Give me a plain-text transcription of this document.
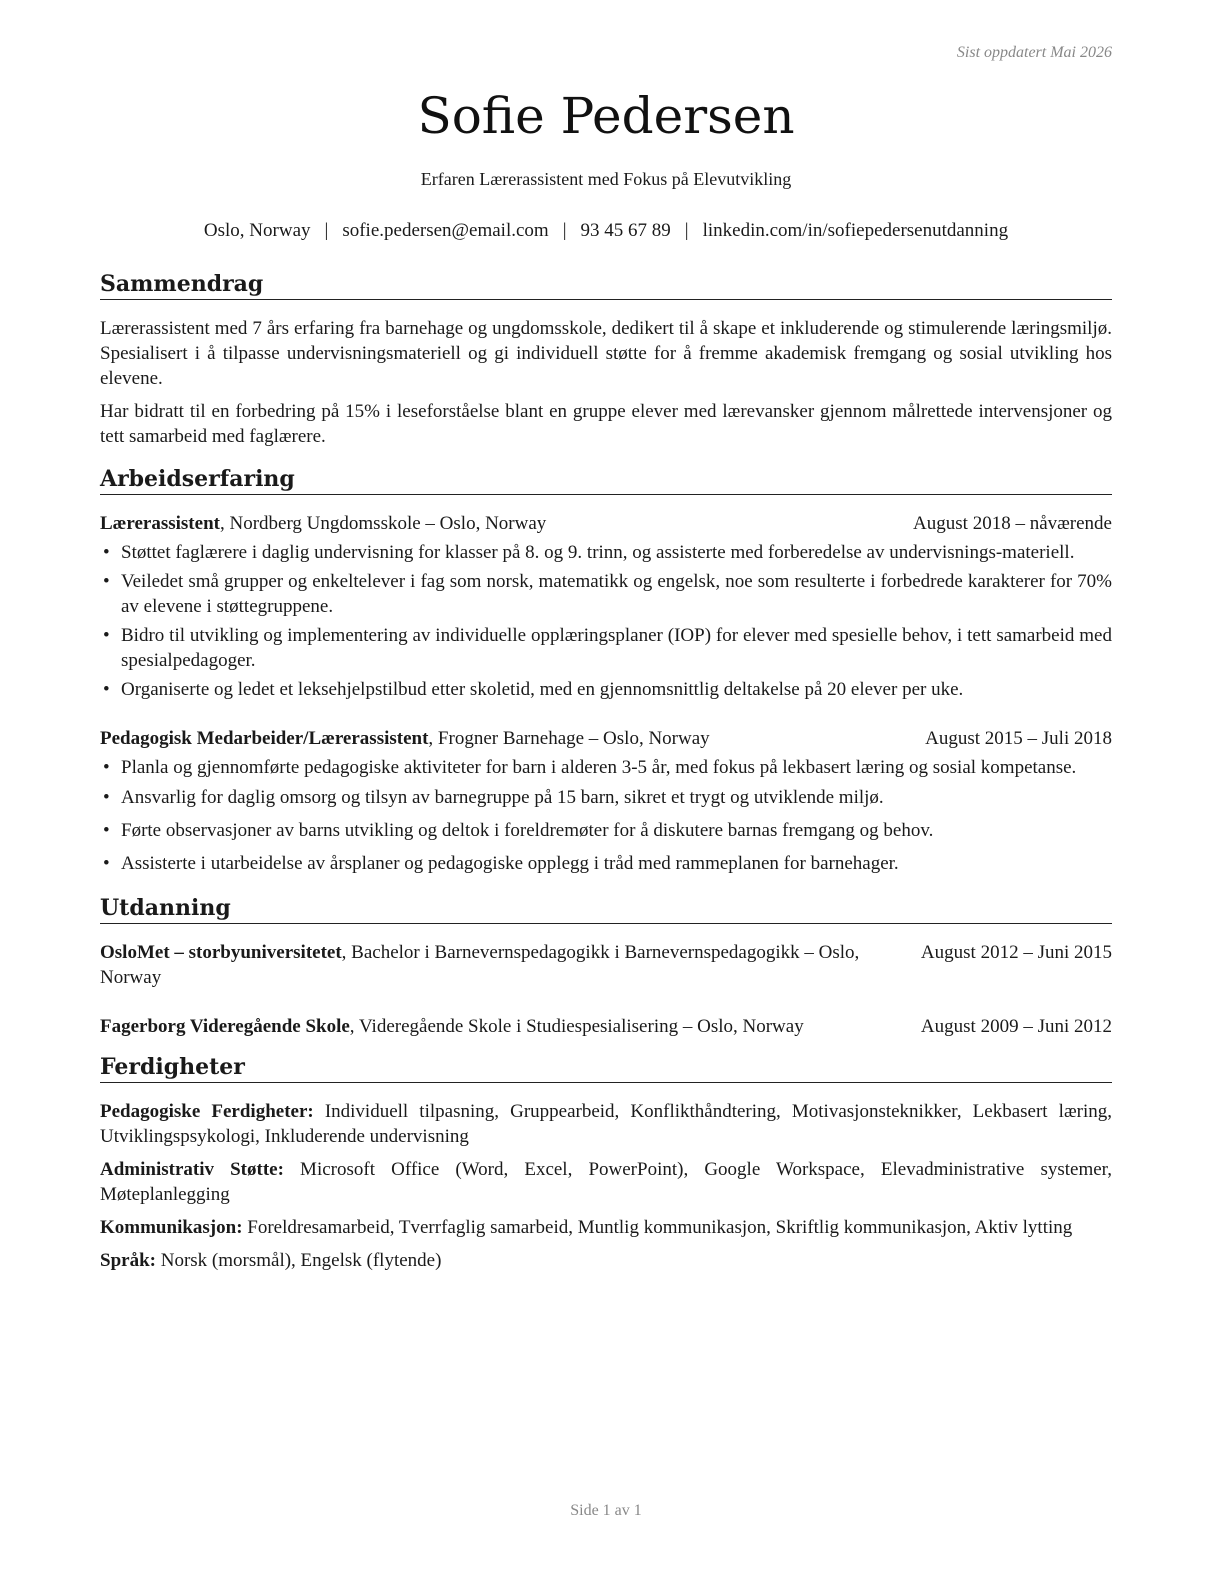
Sist oppdatert Mai 2026
Sofie Pedersen
Erfaren Lærerassistent med Fokus på Elevutvikling
Oslo, Norway | sofie.pedersen@email.com | 93 45 67 89 | linkedin.com/in/sofiepedersenutdanning
Sammendrag

Lærerassistent med 7 års erfaring fra barnehage og ungdomsskole, dedikert til å skape et inkluderende og stimulerende læringsmiljø. Spesialisert i å tilpasse undervisningsmateriell og gi individuell støtte for å fremme akademisk fremgang og sosial utvikling hos elevene.

Har bidratt til en forbedring på 15% i leseforståelse blant en gruppe elever med lærevansker gjennom målrettede intervensjoner og tett samarbeid med faglærere.

Arbeidserfaring
Lærerassistent, Nordberg Ungdomsskole – Oslo, Norway	August 2018 – nåværende
• Støttet faglærere i daglig undervisning for klasser på 8. og 9. trinn, og assisterte med forberedelse av undervisnings-materiell.
• Veiledet små grupper og enkeltelever i fag som norsk, matematikk og engelsk, noe som resulterte i forbedrede karakterer for 70% av elevene i støttegruppene.
• Bidro til utvikling og implementering av individuelle opplæringsplaner (IOP) for elever med spesielle behov, i tett samarbeid med spesialpedagoger.
• Organiserte og ledet et leksehjelpstilbud etter skoletid, med en gjennomsnittlig deltakelse på 20 elever per uke.
Pedagogisk Medarbeider/Lærerassistent, Frogner Barnehage – Oslo, Norway	August 2015 – Juli 2018
• Planla og gjennomførte pedagogiske aktiviteter for barn i alderen 3-5 år, med fokus på lekbasert læring og sosial kompetanse.
• Ansvarlig for daglig omsorg og tilsyn av barnegruppe på 15 barn, sikret et trygt og utviklende miljø.
• Førte observasjoner av barns utvikling og deltok i foreldremøter for å diskutere barnas fremgang og behov.
• Assisterte i utarbeidelse av årsplaner og pedagogiske opplegg i tråd med rammeplanen for barnehager.
Utdanning
OsloMet – storbyuniversitetet, Bachelor i Barnevernspedagogikk i Barnevernspedagogikk – Oslo, Norway
August 2012 – Juni 2015
Fagerborg Videregående Skole, Videregående Skole i Studiespesialisering – Oslo, Norway	August 2009 – Juni 2012
Ferdigheter
Pedagogiske Ferdigheter: Individuell tilpasning, Gruppearbeid, Konflikthåndtering, Motivasjonsteknikker, Lekbasert læring, Utviklingspsykologi, Inkluderende undervisning
Administrativ Støtte: Microsoft Office (Word, Excel, PowerPoint), Google Workspace, Elevadministrative systemer, Møteplanlegging
Kommunikasjon: Foreldresamarbeid, Tverrfaglig samarbeid, Muntlig kommunikasjon, Skriftlig kommunikasjon, Aktiv lytting
Språk: Norsk (morsmål), Engelsk (flytende)
Side 1 av 1
